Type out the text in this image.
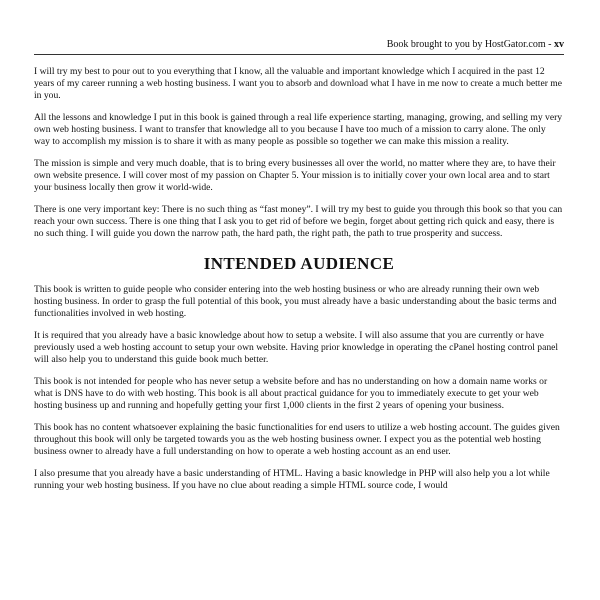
Book brought to you by HostGator.com - xv

I will try my best to pour out to you everything that I know, all the valuable and important knowledge which I acquired in the past 12 years of my career running a web hosting business. I want you to absorb and download what I have in me now to create a much better me in you.

All the lessons and knowledge I put in this book is gained through a real life experience starting, managing, growing, and selling my very own web hosting business. I want to transfer that knowledge all to you because I have too much of a mission to carry alone. The only way to accomplish my mission is to share it with as many people as possible so together we can make this mission a reality.

The mission is simple and very much doable, that is to bring every businesses all over the world, no matter where they are, to have their own website presence. I will cover most of my passion on Chapter 5. Your mission is to initially cover your own local area and to start your business locally then grow it world-wide.

There is one very important key: There is no such thing as “fast money”. I will try my best to guide you through this book so that you can reach your own success. There is one thing that I ask you to get rid of before we begin, forget about getting rich quick and easy, there is no such thing. I will guide you down the narrow path, the hard path, the right path, the path to true prosperity and success.

INTENDED AUDIENCE

This book is written to guide people who consider entering into the web hosting business or who are already running their own web hosting business. In order to grasp the full potential of this book, you must already have a basic understanding about the basic terms and functionalities involved in web hosting.

It is required that you already have a basic knowledge about how to setup a website. I will also assume that you are currently or have previously used a web hosting account to setup your own website. Having prior knowledge in operating the cPanel hosting control panel will also help you to understand this guide book much better.

This book is not intended for people who has never setup a website before and has no understanding on how a domain name works or what is DNS have to do with web hosting. This book is all about practical guidance for you to immediately execute to get your web hosting business up and running and hopefully getting your first 1,000 clients in the first 2 years of opening your business.

This book has no content whatsoever explaining the basic functionalities for end users to utilize a web hosting account. The guides given throughout this book will only be targeted towards you as the web hosting business owner. I expect you as the potential web hosting business owner to already have a full understanding on how to operate a web hosting account as an end user.

I also presume that you already have a basic understanding of HTML. Having a basic knowledge in PHP will also help you a lot while running your web hosting business. If you have no clue about reading a simple HTML source code, I would
